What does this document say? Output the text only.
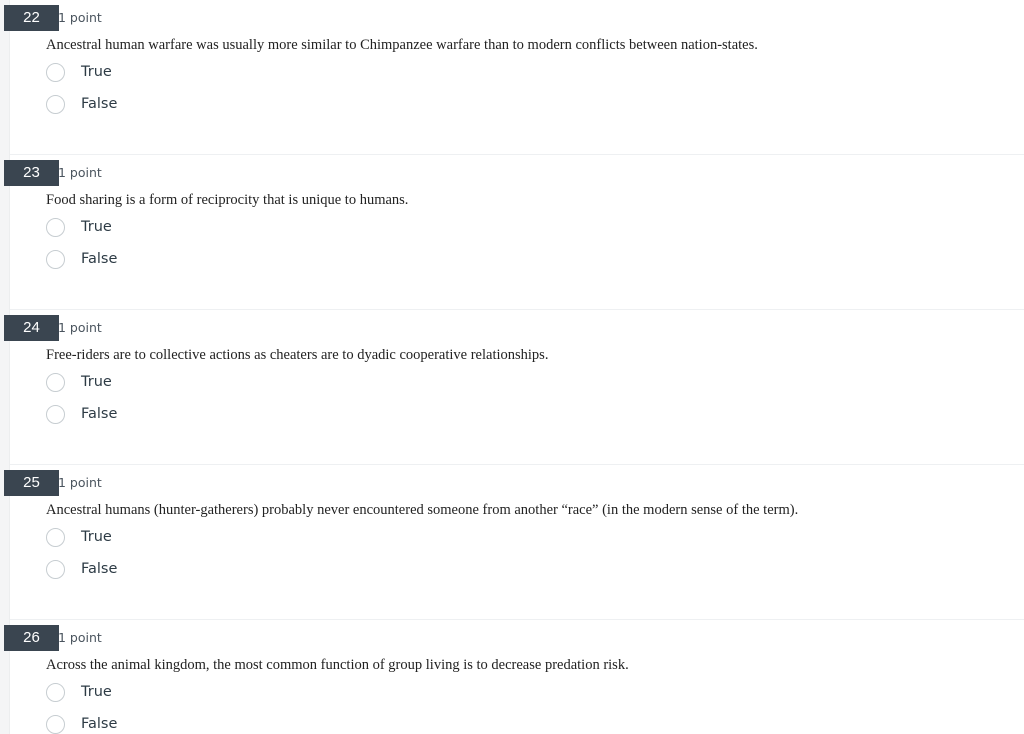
22	1 point
Ancestral human warfare was usually more similar to Chimpanzee warfare than to modern conflicts between nation-states.
True
False
23	1 point
Food sharing is a form of reciprocity that is unique to humans.
True
False
24	1 point
Free-riders are to collective actions as cheaters are to dyadic cooperative relationships.
True
False
25	1 point
Ancestral humans (hunter-gatherers) probably never encountered someone from another “race” (in the modern sense of the term).
True
False
26	1 point
Across the animal kingdom, the most common function of group living is to decrease predation risk.
True
False
